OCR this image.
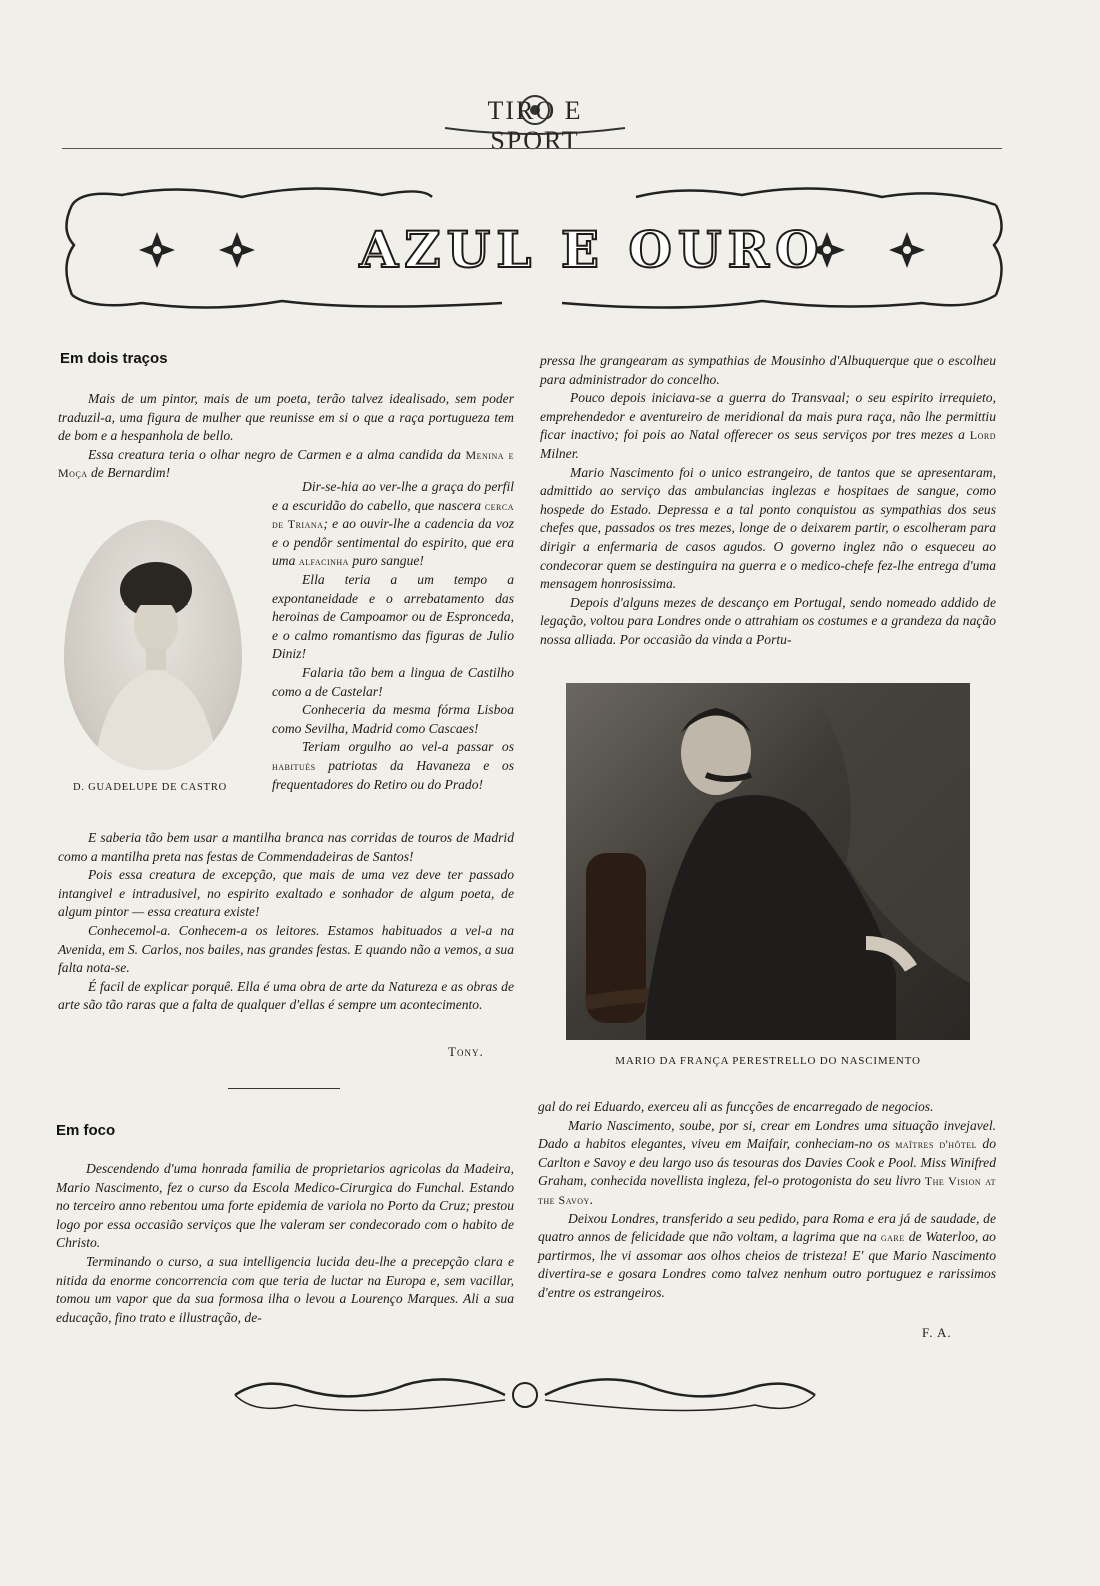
TIRO E SPORT
AZUL E OURO
Em dois traços

Mais de um pintor, mais de um poeta, terão talvez idealisado, sem poder traduzil-a, uma figura de mulher que reunisse em si o que a raça portugueza tem de bom e a hespanhola de bello.

Essa creatura teria o olhar negro de Carmen e a alma candida da Menina e Moça de Bernardim!

D. GUADELUPE DE CASTRO

Dir-se-hia ao ver-lhe a graça do perfil e a escuridão do cabello, que nascera cerca de Triana; e ao ouvir-lhe a cadencia da voz e o pendôr sentimental do espirito, que era uma alfacinha puro sangue!

Ella teria a um tempo a expontaneidade e o arrebatamento das heroinas de Campoamor ou de Espronceda, e o calmo romantismo das figuras de Julio Diniz!

Falaria tão bem a lingua de Castilho como a de Castelar!

Conheceria da mesma fórma Lisboa como Sevilha, Madrid como Cascaes!

Teriam orgulho ao vel-a passar os habitués patriotas da Havaneza e os frequentadores do Retiro ou do Prado!

E saberia tão bem usar a mantilha branca nas corridas de touros de Madrid como a mantilha preta nas festas de Commendadeiras de Santos!

Pois essa creatura de excepção, que mais de uma vez deve ter passado intangivel e intradusivel, no espirito exaltado e sonhador de algum poeta, de algum pintor — essa creatura existe!

Conhecemol-a. Conhecem-a os leitores. Estamos habituados a vel-a na Avenida, em S. Carlos, nos bailes, nas grandes festas. E quando não a vemos, a sua falta nota-se.

É facil de explicar porquê. Ella é uma obra de arte da Natureza e as obras de arte são tão raras que a falta de qualquer d'ellas é sempre um acontecimento.

Tony.

pressa lhe grangearam as sympathias de Mousinho d'Albuquerque que o escolheu para administrador do concelho.

Pouco depois iniciava-se a guerra do Transvaal; o seu espirito irrequieto, emprehendedor e aventureiro de meridional da mais pura raça, não lhe permittiu ficar inactivo; foi pois ao Natal offerecer os seus serviços por tres mezes a Lord Milner.

Mario Nascimento foi o unico estrangeiro, de tantos que se apresentaram, admittido ao serviço das ambulancias inglezas e hospitaes de sangue, como hospede do Estado. Depressa e a tal ponto conquistou as sympathias dos seus chefes que, passados os tres mezes, longe de o deixarem partir, o escolheram para dirigir a enfermaria de casos agudos. O governo inglez não o esqueceu ao condecorar quem se destinguira na guerra e o medico-chefe fez-lhe entrega d'uma mensagem honrosissima.

Depois d'alguns mezes de descanço em Portugal, sendo nomeado addido de legação, voltou para Londres onde o attrahiam os costumes e a grandeza da nação nossa alliada. Por occasião da vinda a Portu-

MARIO DA FRANÇA PERESTRELLO DO NASCIMENTO
Em foco

Descendendo d'uma honrada familia de proprietarios agricolas da Madeira, Mario Nascimento, fez o curso da Escola Medico-Cirurgica do Funchal. Estando no terceiro anno rebentou uma forte epidemia de variola no Porto da Cruz; prestou logo por essa occasião serviços que lhe valeram ser condecorado com o habito de Christo.

Terminando o curso, a sua intelligencia lucida deu-lhe a precepção clara e nitida da enorme concorrencia com que teria de luctar na Europa e, sem vacillar, tomou um vapor que da sua formosa ilha o levou a Lourenço Marques. Ali a sua educação, fino trato e illustração, de-

gal do rei Eduardo, exerceu ali as funcções de encarregado de negocios.

Mario Nascimento, soube, por si, crear em Londres uma situação invejavel. Dado a habitos elegantes, viveu em Maifair, conheciam-no os maîtres d'hôtel do Carlton e Savoy e deu largo uso ás tesouras dos Davies Cook e Pool. Miss Winifred Graham, conhecida novellista ingleza, fel-o protogonista do seu livro The Vision at the Savoy.

Deixou Londres, transferido a seu pedido, para Roma e era já de saudade, de quatro annos de felicidade que não voltam, a lagrima que na gare de Waterloo, ao partirmos, lhe vi assomar aos olhos cheios de tristeza! E' que Mario Nascimento divertira-se e gosara Londres como talvez nenhum outro portuguez e rarissimos d'entre os estrangeiros.

F. A.
